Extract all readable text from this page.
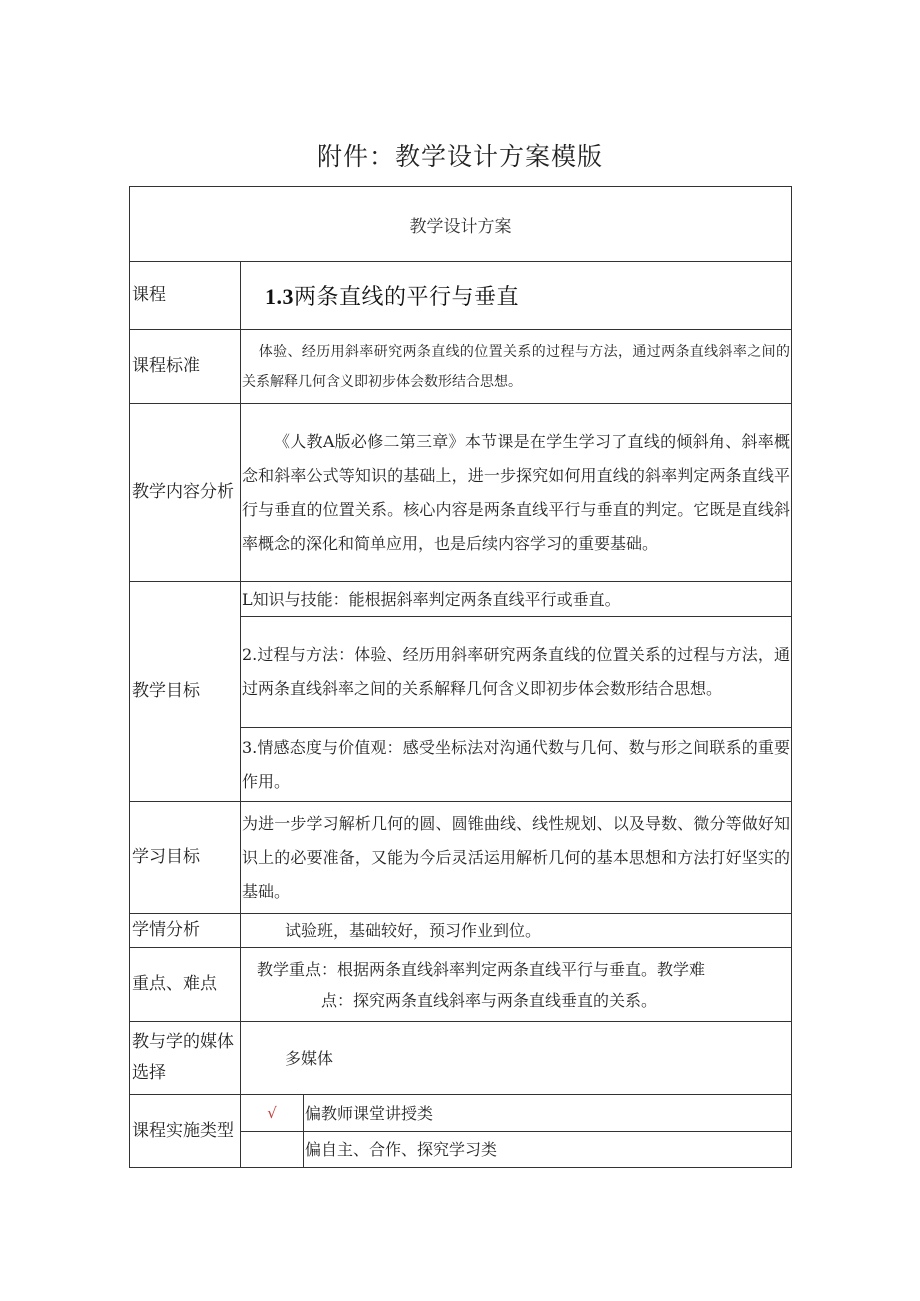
附件：教学设计方案模版
教学设计方案		
课程	1.3两条直线的平行与垂直	
课程标准	体验、经历用斜率研究两条直线的位置关系的过程与方法，通过两条直线斜率之间的关系解释几何含义即初步体会数形结合思想。	
教学内容分析	《人教A版必修二第三章》本节课是在学生学习了直线的倾斜角、斜率概念和斜率公式等知识的基础上，进一步探究如何用直线的斜率判定两条直线平行与垂直的位置关系。核心内容是两条直线平行与垂直的判定。它既是直线斜率概念的深化和简单应用，也是后续内容学习的重要基础。	
教学目标	L知识与技能：能根据斜率判定两条直线平行或垂直。	
	2.过程与方法：体验、经历用斜率研究两条直线的位置关系的过程与方法，通过两条直线斜率之间的关系解释几何含义即初步体会数形结合思想。	
	3.情感态度与价值观：感受坐标法对沟通代数与几何、数与形之间联系的重要作用。	
学习目标	为进一步学习解析几何的圆、圆锥曲线、线性规划、以及导数、微分等做好知识上的必要准备，又能为今后灵活运用解析几何的基本思想和方法打好坚实的基础。	
学情分析	试验班，基础较好，预习作业到位。	
重点、难点	教学重点：根据两条直线斜率判定两条直线平行与垂直。教学难
点：探究两条直线斜率与两条直线垂直的关系。	

教与学的媒体选择	多媒体	
课程实施类型	√	偏教师课堂讲授类
		偏自主、合作、探究学习类
